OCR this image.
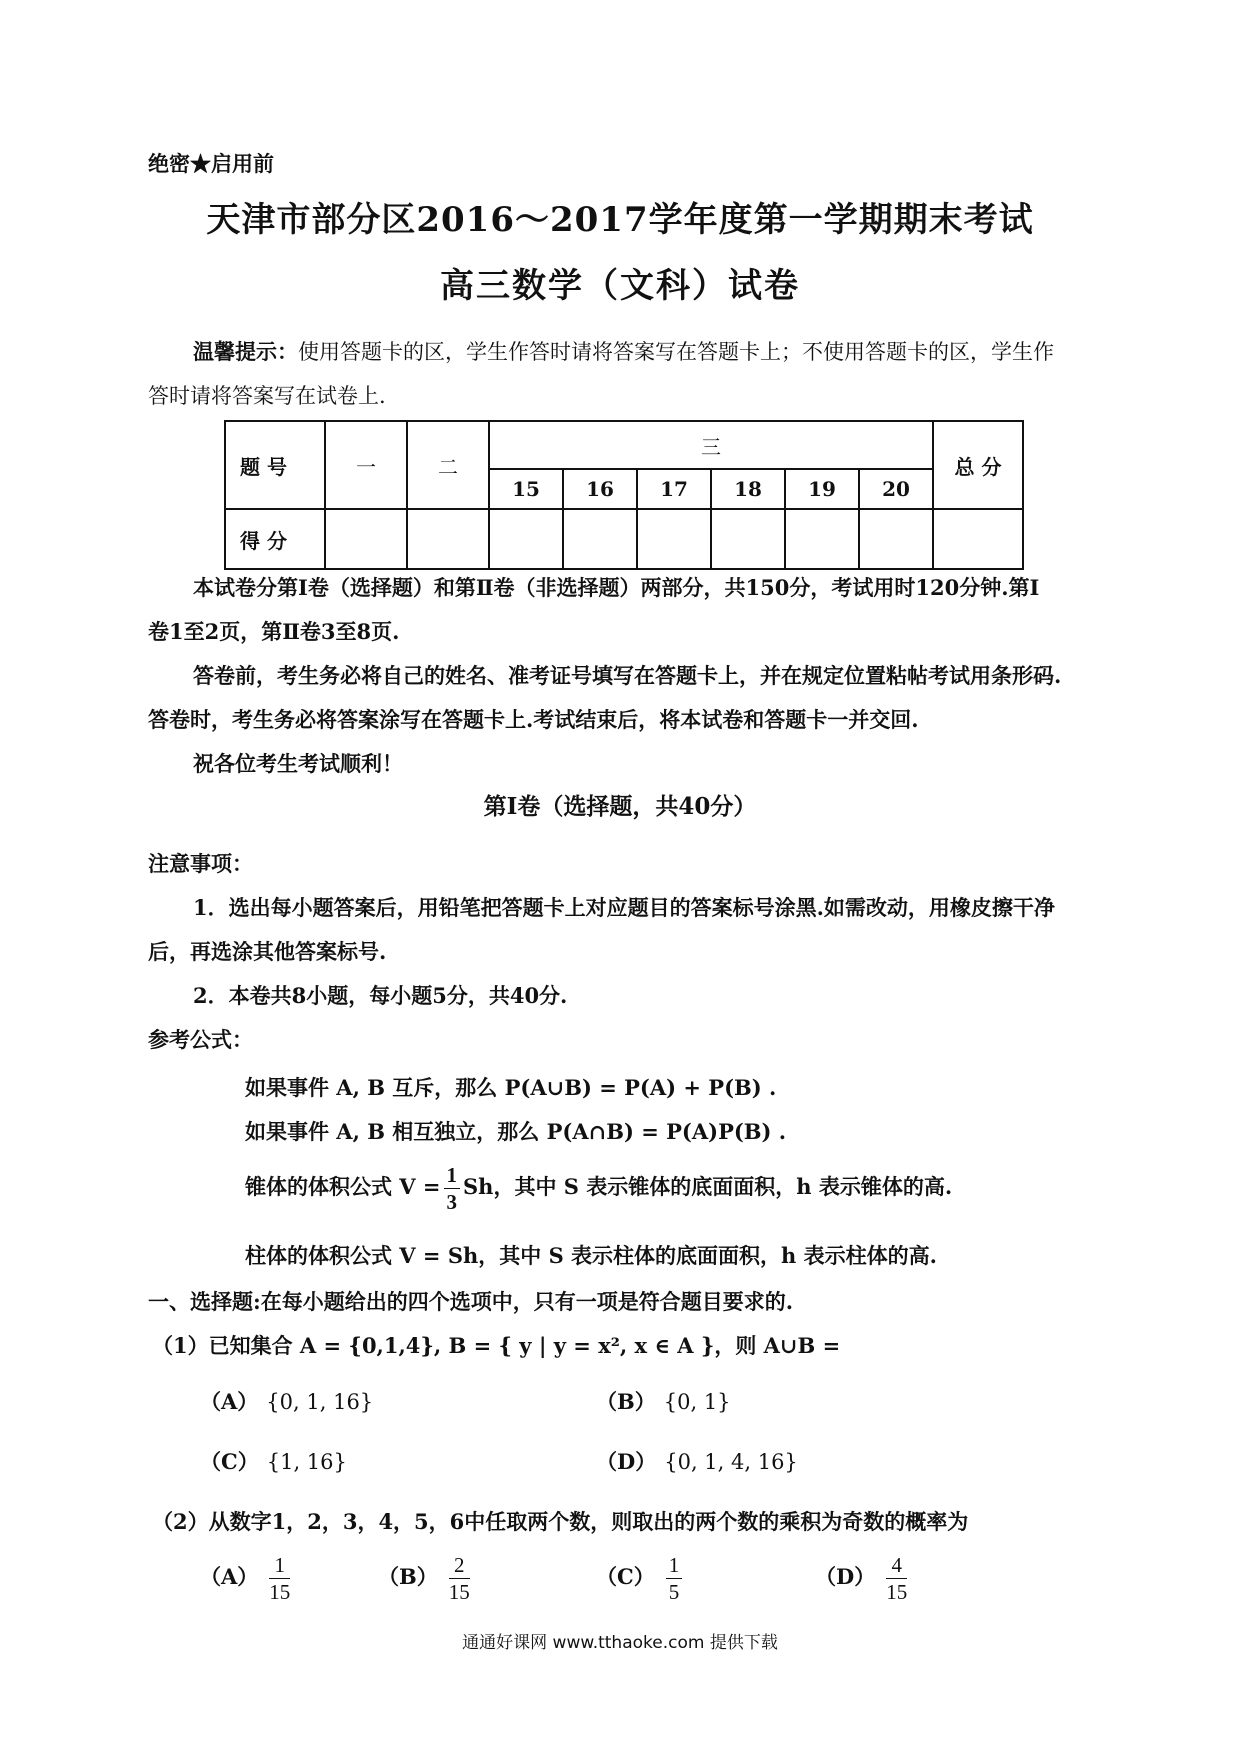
绝密★启用前
天津市部分区2016～2017学年度第一学期期末考试
高三数学（文科）试卷
温馨提示：使用答题卡的区，学生作答时请将答案写在答题卡上；不使用答题卡的区，学生作
答时请将答案写在试卷上.
题 号	一	二	三						总 分
			15	16	17	18	19	20	
得 分									
本试卷分第Ⅰ卷（选择题）和第Ⅱ卷（非选择题）两部分，共150分，考试用时120分钟.第Ⅰ
卷1至2页，第Ⅱ卷3至8页.
答卷前，考生务必将自己的姓名、准考证号填写在答题卡上，并在规定位置粘帖考试用条形码.
答卷时，考生务必将答案涂写在答题卡上.考试结束后，将本试卷和答题卡一并交回.
祝各位考生考试顺利！
第Ⅰ卷（选择题，共40分）
注意事项：
1．选出每小题答案后，用铅笔把答题卡上对应题目的答案标号涂黑.如需改动，用橡皮擦干净
后，再选涂其他答案标号.
2．本卷共8小题，每小题5分，共40分.
参考公式：
如果事件 A, B 互斥，那么 P(A∪B) = P(A) + P(B) .
如果事件 A, B 相互独立，那么 P(A∩B) = P(A)P(B) .
锥体的体积公式 $V = \frac{1}{3}$ Sh，其中 S 表示锥体的底面面积，h 表示锥体的高.
柱体的体积公式 V = Sh，其中 S 表示柱体的底面面积，h 表示柱体的高.
一、选择题:在每小题给出的四个选项中，只有一项是符合题目要求的.
（1）已知集合 A = {0,1,4}, B = { y | y = x², x ∈ A }，则 A∪B =
（A） {0, 1, 16}	（B） {0, 1}
（C） {1, 16}	（D） {0, 1, 4, 16}
（2）从数字1，2，3，4，5，6中任取两个数，则取出的两个数的乘积为奇数的概率为
$(A) \frac{1}{15}$	$(B) \frac{2}{15}$	$(C) \frac{1}{5}$	$(D) \frac{4}{15}$
通通好课网 www.tthaoke.com 提供下载
